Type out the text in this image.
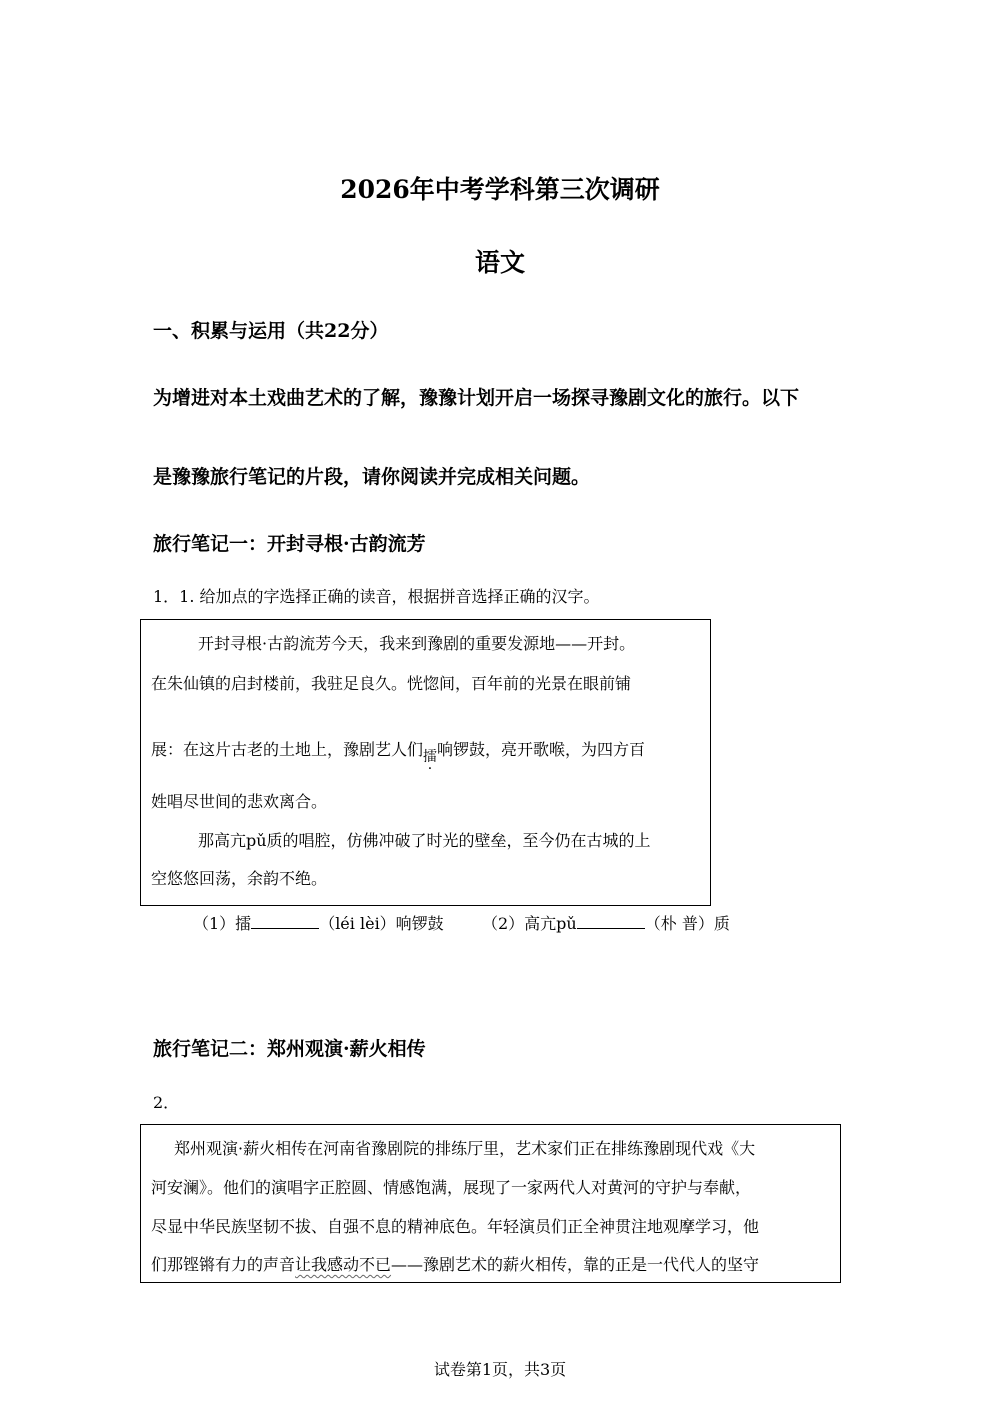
2026年中考学科第三次调研
语文
一、积累与运用（共22分）
为增进对本土戏曲艺术的了解，豫豫计划开启一场探寻豫剧文化的旅行。以下
是豫豫旅行笔记的片段，请你阅读并完成相关问题。
旅行笔记一：开封寻根·古韵流芳
1．1. 给加点的字选择正确的读音，根据拼音选择正确的汉字。
开封寻根·古韵流芳今天，我来到豫剧的重要发源地——开封。
在朱仙镇的启封楼前，我驻足良久。恍惚间，百年前的光景在眼前铺
展：在这片古老的土地上，豫剧艺人们擂响锣鼓，亮开歌喉，为四方百
姓唱尽世间的悲欢离合。
那高亢pǔ质的唱腔，仿佛冲破了时光的壁垒，至今仍在古城的上
空悠悠回荡，余韵不绝。
（1）擂	（léi lèi）响锣鼓 （2）高亢pǔ	（朴 普）质
旅行笔记二：郑州观演·薪火相传
2．
郑州观演·薪火相传在河南省豫剧院的排练厅里，艺术家们正在排练豫剧现代戏《大
河安澜》。他们的演唱字正腔圆、情感饱满，展现了一家两代人对黄河的守护与奉献，
尽显中华民族坚韧不拔、自强不息的精神底色。年轻演员们正全神贯注地观摩学习，他
们那铿锵有力的声音让我感动不已——豫剧艺术的薪火相传，靠的正是一代代人的坚守
试卷第1页，共3页
